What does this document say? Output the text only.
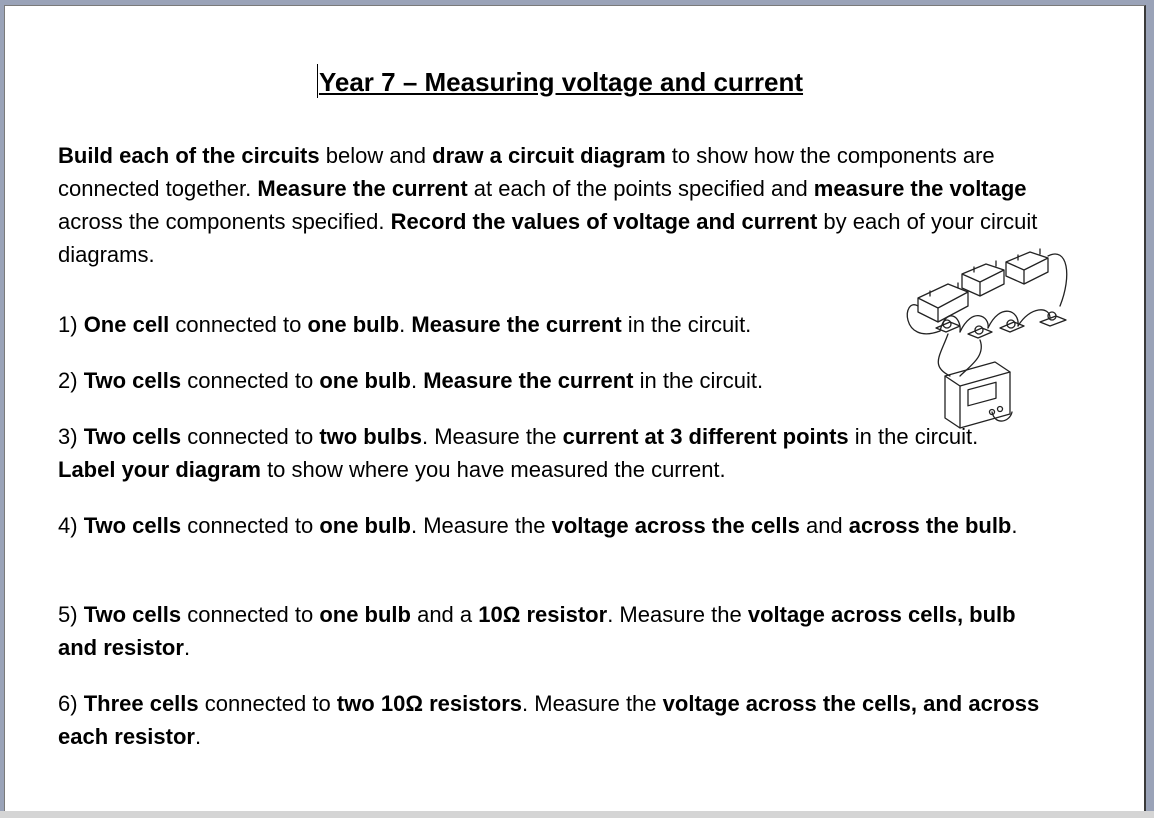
Year 7 – Measuring voltage and current
Build each of the circuits below and draw a circuit diagram to show how the components are connected together. Measure the current at each of the points specified and measure the voltage across the components specified. Record the values of voltage and current by each of your circuit diagrams.
1) One cell connected to one bulb. Measure the current in the circuit.
2) Two cells connected to one bulb. Measure the current in the circuit.
3) Two cells connected to two bulbs. Measure the current at 3 different points in the circuit. Label your diagram to show where you have measured the current.
4) Two cells connected to one bulb. Measure the voltage across the cells and across the bulb.
5) Two cells connected to one bulb and a 10Ω resistor. Measure the voltage across cells, bulb and resistor.
6) Three cells connected to two 10Ω resistors. Measure the voltage across the cells, and across each resistor.
